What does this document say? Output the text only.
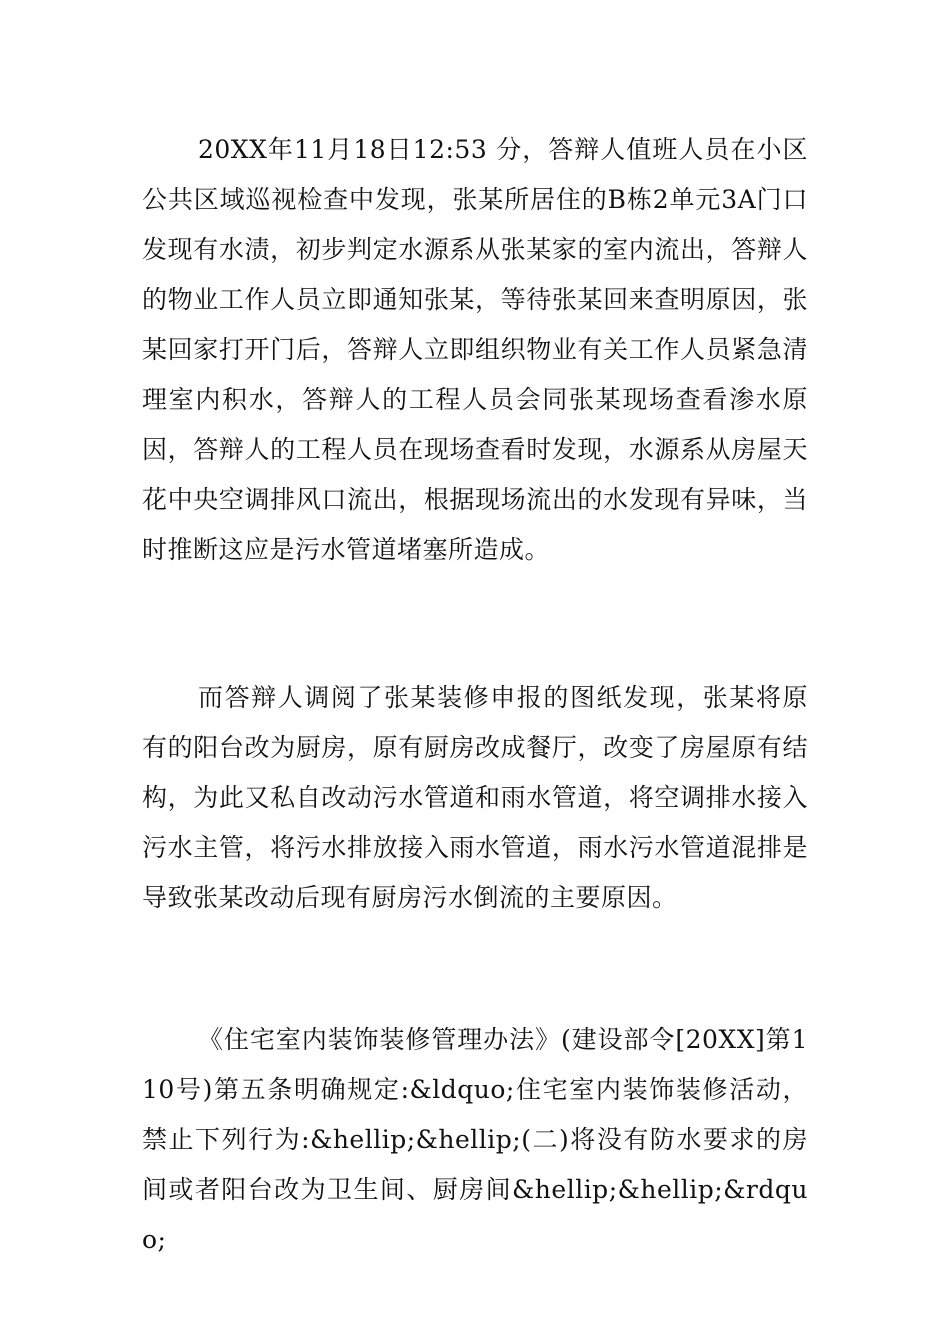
20XX年11月18日12:53 分，答辩人值班人员在小区公共区域巡视检查中发现，张某所居住的B栋2单元3A门口发现有水渍，初步判定水源系从张某家的室内流出，答辩人的物业工作人员立即通知张某，等待张某回来查明原因，张某回家打开门后，答辩人立即组织物业有关工作人员紧急清理室内积水，答辩人的工程人员会同张某现场查看渗水原因，答辩人的工程人员在现场查看时发现，水源系从房屋天花中央空调排风口流出，根据现场流出的水发现有异味，当时推断这应是污水管道堵塞所造成。

而答辩人调阅了张某装修申报的图纸发现，张某将原有的阳台改为厨房，原有厨房改成餐厅，改变了房屋原有结构，为此又私自改动污水管道和雨水管道，将空调排水接入污水主管，将污水排放接入雨水管道，雨水污水管道混排是导致张某改动后现有厨房污水倒流的主要原因。

《住宅室内装饰装修管理办法》(建设部令[20XX]第110号)第五条明确规定:&ldquo;住宅室内装饰装修活动，禁止下列行为:&hellip;&hellip;(二)将没有防水要求的房间或者阳台改为卫生间、厨房间&hellip;&hellip;&rdquo;
